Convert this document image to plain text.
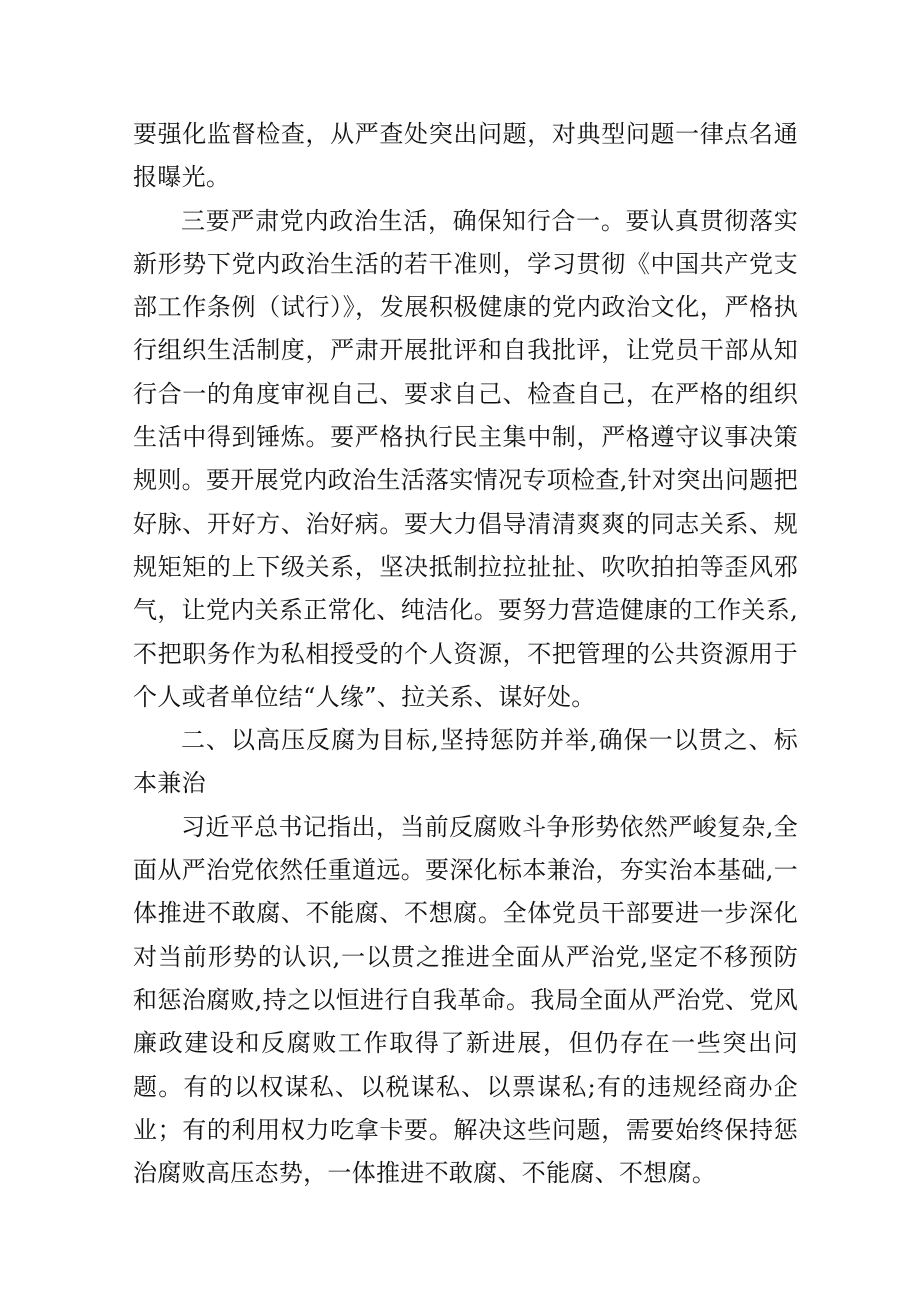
要强化监督检查，从严查处突出问题，对典型问题一律点名通报曝光。

三要严肃党内政治生活，确保知行合一。要认真贯彻落实新形势下党内政治生活的若干准则，学习贯彻《中国共产党支部工作条例（试行）》，发展积极健康的党内政治文化，严格执行组织生活制度，严肃开展批评和自我批评，让党员干部从知行合一的角度审视自己、要求自己、检查自己，在严格的组织生活中得到锤炼。要严格执行民主集中制，严格遵守议事决策规则。要开展党内政治生活落实情况专项检查,针对突出问题把好脉、开好方、治好病。要大力倡导清清爽爽的同志关系、规规矩矩的上下级关系，坚决抵制拉拉扯扯、吹吹拍拍等歪风邪气，让党内关系正常化、纯洁化。要努力营造健康的工作关系,不把职务作为私相授受的个人资源，不把管理的公共资源用于个人或者单位结“人缘”、拉关系、谋好处。

二、以高压反腐为目标,坚持惩防并举,确保一以贯之、标本兼治

习近平总书记指出，当前反腐败斗争形势依然严峻复杂,全面从严治党依然任重道远。要深化标本兼治，夯实治本基础,一体推进不敢腐、不能腐、不想腐。全体党员干部要进一步深化对当前形势的认识,一以贯之推进全面从严治党,坚定不移预防和惩治腐败,持之以恒进行自我革命。我局全面从严治党、党风廉政建设和反腐败工作取得了新进展，但仍存在一些突出问题。有的以权谋私、以税谋私、以票谋私;有的违规经商办企业；有的利用权力吃拿卡要。解决这些问题，需要始终保持惩治腐败高压态势，一体推进不敢腐、不能腐、不想腐。
